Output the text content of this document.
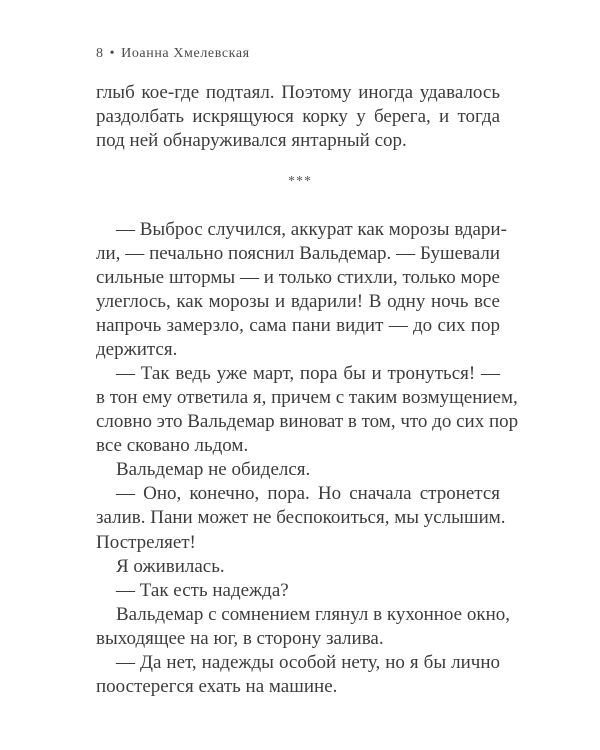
8 • Иоанна Хмелевская
глыб кое-где подтаял. Поэтому иногда удавалось
раздолбать искрящуюся корку у берега, и тогда
под ней обнаруживался янтарный сор.
***
— Выброс случился, аккурат как морозы вдари-
ли, — печально пояснил Вальдемар. — Бушевали
сильные штормы — и только стихли, только море
улеглось, как морозы и вдарили! В одну ночь все
напрочь замерзло, сама пани видит — до сих пор
держится.
— Так ведь уже март, пора бы и тронуться! —
в тон ему ответила я, причем с таким возмущением,
словно это Вальдемар виноват в том, что до сих пор
все сковано льдом.
Вальдемар не обиделся.
— Оно, конечно, пора. Но сначала стронется
залив. Пани может не беспокоиться, мы услышим.
Постреляет!
Я оживилась.
— Так есть надежда?
Вальдемар с сомнением глянул в кухонное окно,
выходящее на юг, в сторону залива.
— Да нет, надежды особой нету, но я бы лично
поостерегся ехать на машине.
